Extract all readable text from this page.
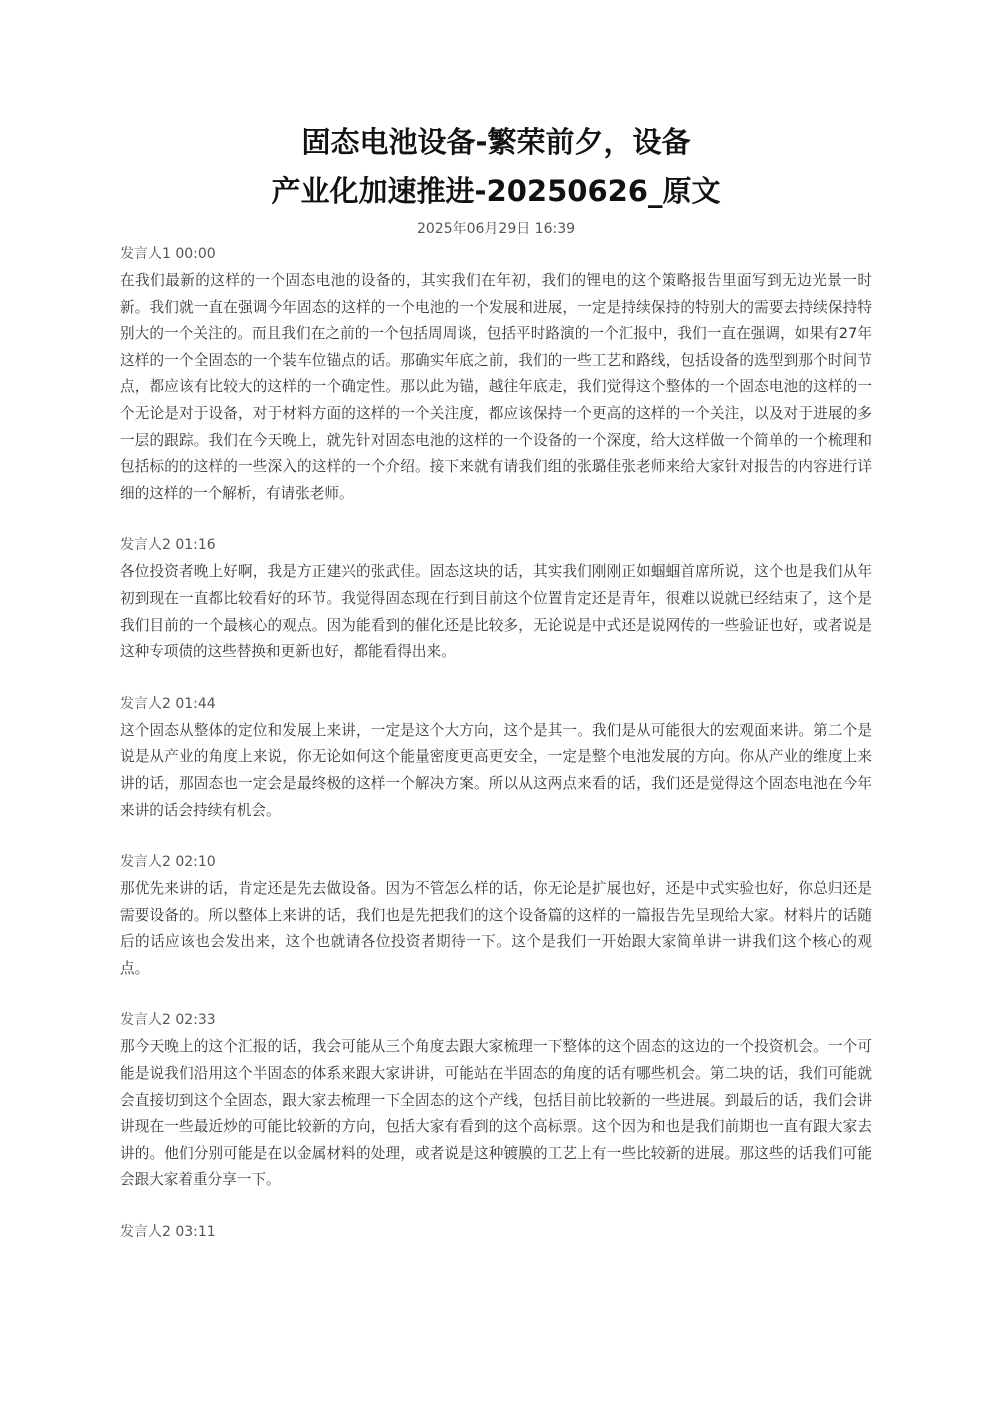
固态电池设备-繁荣前夕，设备
产业化加速推进-20250626_原文
2025年06月29日 16:39
发言人1 00:00

在我们最新的这样的一个固态电池的设备的，其实我们在年初，我们的锂电的这个策略报告里面写到无边光景一时新。我们就一直在强调今年固态的这样的一个电池的一个发展和进展，一定是持续保持的特别大的需要去持续保持特别大的一个关注的。而且我们在之前的一个包括周周谈，包括平时路演的一个汇报中，我们一直在强调，如果有27年这样的一个全固态的一个装车位锚点的话。那确实年底之前，我们的一些工艺和路线，包括设备的选型到那个时间节点，都应该有比较大的这样的一个确定性。那以此为锚，越往年底走，我们觉得这个整体的一个固态电池的这样的一个无论是对于设备，对于材料方面的这样的一个关注度，都应该保持一个更高的这样的一个关注，以及对于进展的多一层的跟踪。我们在今天晚上，就先针对固态电池的这样的一个设备的一个深度，给大这样做一个简单的一个梳理和包括标的的这样的一些深入的这样的一个介绍。接下来就有请我们组的张璐佳张老师来给大家针对报告的内容进行详细的这样的一个解析，有请张老师。

发言人2 01:16

各位投资者晚上好啊，我是方正建兴的张武佳。固态这块的话，其实我们刚刚正如蝈蝈首席所说，这个也是我们从年初到现在一直都比较看好的环节。我觉得固态现在行到目前这个位置肯定还是青年，很难以说就已经结束了，这个是我们目前的一个最核心的观点。因为能看到的催化还是比较多，无论说是中式还是说网传的一些验证也好，或者说是这种专项债的这些替换和更新也好，都能看得出来。

发言人2 01:44

这个固态从整体的定位和发展上来讲，一定是这个大方向，这个是其一。我们是从可能很大的宏观面来讲。第二个是说是从产业的角度上来说，你无论如何这个能量密度更高更安全，一定是整个电池发展的方向。你从产业的维度上来讲的话，那固态也一定会是最终极的这样一个解决方案。所以从这两点来看的话，我们还是觉得这个固态电池在今年来讲的话会持续有机会。

发言人2 02:10

那优先来讲的话，肯定还是先去做设备。因为不管怎么样的话，你无论是扩展也好，还是中式实验也好，你总归还是需要设备的。所以整体上来讲的话，我们也是先把我们的这个设备篇的这样的一篇报告先呈现给大家。材料片的话随后的话应该也会发出来，这个也就请各位投资者期待一下。这个是我们一开始跟大家简单讲一讲我们这个核心的观点。

发言人2 02:33

那今天晚上的这个汇报的话，我会可能从三个角度去跟大家梳理一下整体的这个固态的这边的一个投资机会。一个可能是说我们沿用这个半固态的体系来跟大家讲讲，可能站在半固态的角度的话有哪些机会。第二块的话，我们可能就会直接切到这个全固态，跟大家去梳理一下全固态的这个产线，包括目前比较新的一些进展。到最后的话，我们会讲讲现在一些最近炒的可能比较新的方向，包括大家有看到的这个高标票。这个因为和也是我们前期也一直有跟大家去讲的。他们分别可能是在以金属材料的处理，或者说是这种镀膜的工艺上有一些比较新的进展。那这些的话我们可能会跟大家着重分享一下。

发言人2 03:11
